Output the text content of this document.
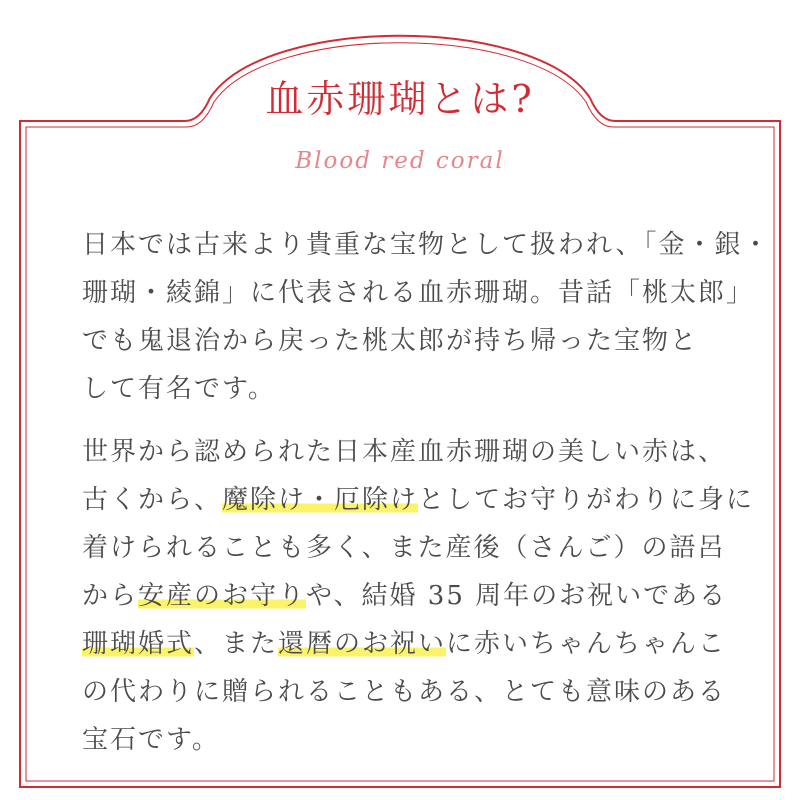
血赤珊瑚とは?
Blood red coral
日本では古来より貴重な宝物として扱われ、「金・銀・
珊瑚・綾錦」に代表される血赤珊瑚。昔話「桃太郎」
でも鬼退治から戻った桃太郎が持ち帰った宝物と
して有名です。
世界から認められた日本産血赤珊瑚の美しい赤は、
古くから、魔除け・厄除けとしてお守りがわりに身に
着けられることも多く、また産後（さんご）の語呂
から安産のお守りや、結婚 35 周年のお祝いである
珊瑚婚式、また還暦のお祝いに赤いちゃんちゃんこ
の代わりに贈られることもある、とても意味のある
宝石です。
